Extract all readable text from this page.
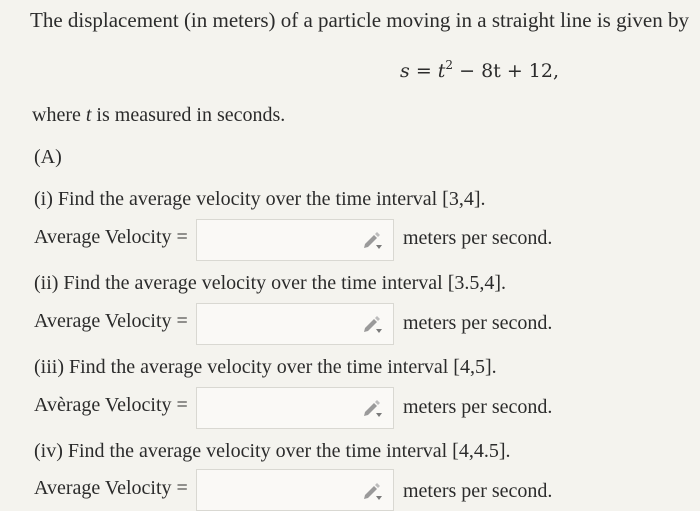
The displacement (in meters) of a particle moving in a straight line is given by
$s = t^2 - 8t + 12$,
where t is measured in seconds.
(A)
(i) Find the average velocity over the time interval [3,4].
Average Velocity =	meters per second.
(ii) Find the average velocity over the time interval [3.5,4].
Average Velocity =	meters per second.
(iii) Find the average velocity over the time interval [4,5].
Avèrage Velocity =	meters per second.
(iv) Find the average velocity over the time interval [4,4.5].
Average Velocity =	meters per second.
